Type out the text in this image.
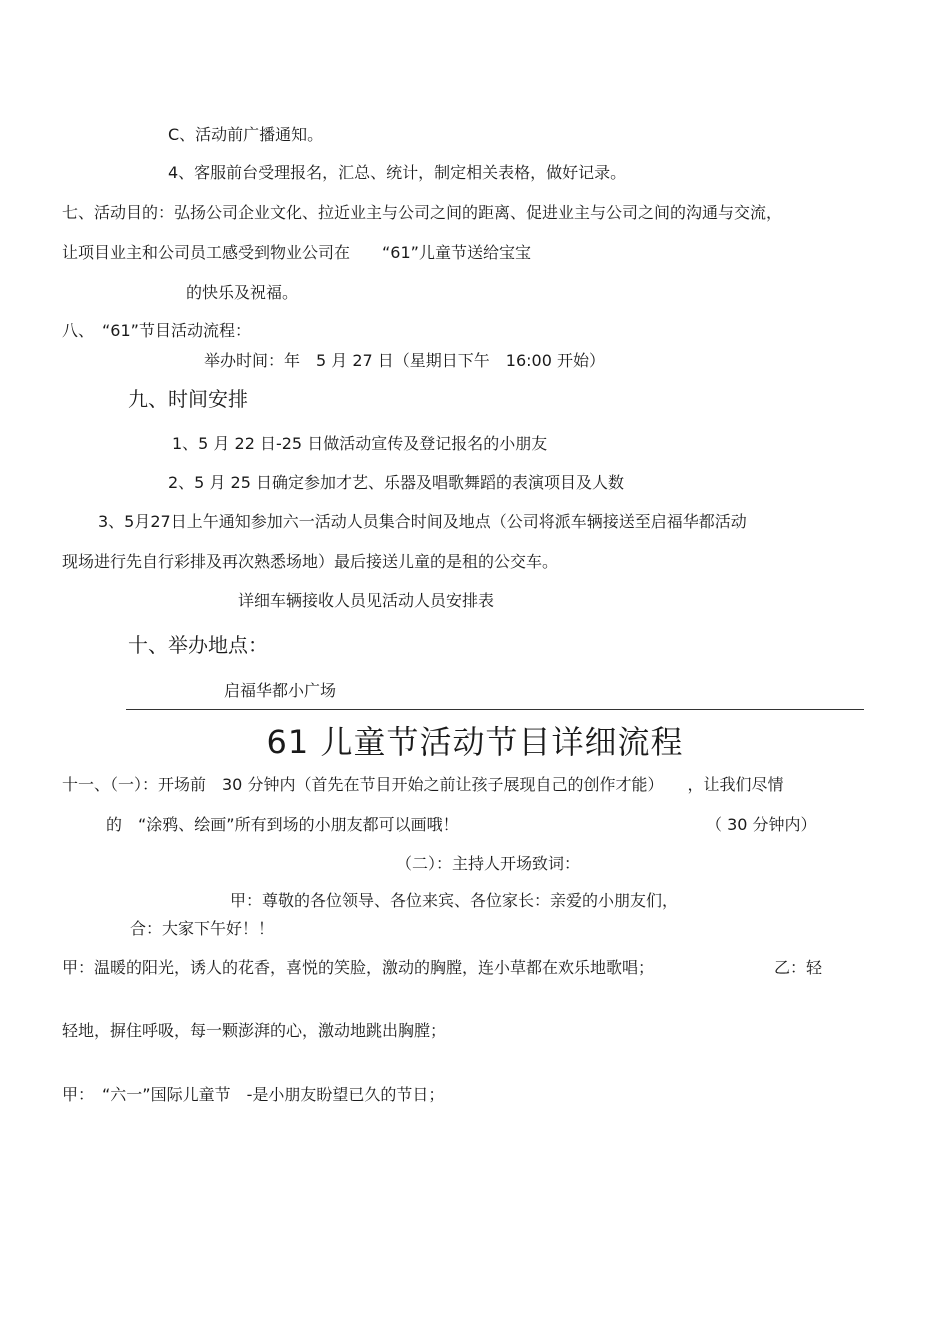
C、活动前广播通知。
4、客服前台受理报名，汇总、统计，制定相关表格，做好记录。
七、活动目的：弘扬公司企业文化、拉近业主与公司之间的距离、促进业主与公司之间的沟通与交流，
让项目业主和公司员工感受到物业公司在　　“61”儿童节送给宝宝
的快乐及祝福。
八、　“61”节目活动流程：
举办时间：年　5 月 27 日（星期日下午　16:00 开始）
九、时间安排
1、5 月 22 日-25 日做活动宣传及登记报名的小朋友
2、5 月 25 日确定参加才艺、乐器及唱歌舞蹈的表演项目及人数
3、5月27日上午通知参加六一活动人员集合时间及地点（公司将派车辆接送至启福华都活动
现场进行先自行彩排及再次熟悉场地）最后接送儿童的是租的公交车。
详细车辆接收人员见活动人员安排表
十、举办地点：
启福华都小广场
61 儿童节活动节目详细流程
十一、（一）：开场前　30 分钟内（首先在节目开始之前让孩子展现自己的创作才能）　　，让我们尽情
的　“涂鸦、绘画”所有到场的小朋友都可以画哦！	（ 30 分钟内）
（二）：主持人开场致词：
甲：尊敬的各位领导、各位来宾、各位家长：亲爱的小朋友们，
合：大家下午好！！
甲：温暖的阳光，诱人的花香，喜悦的笑脸，激动的胸膛，连小草都在欢乐地歌唱；	乙：轻
轻地，摒住呼吸，每一颗澎湃的心，激动地跳出胸膛；
甲：　“六一”国际儿童节　-是小朋友盼望已久的节日；
